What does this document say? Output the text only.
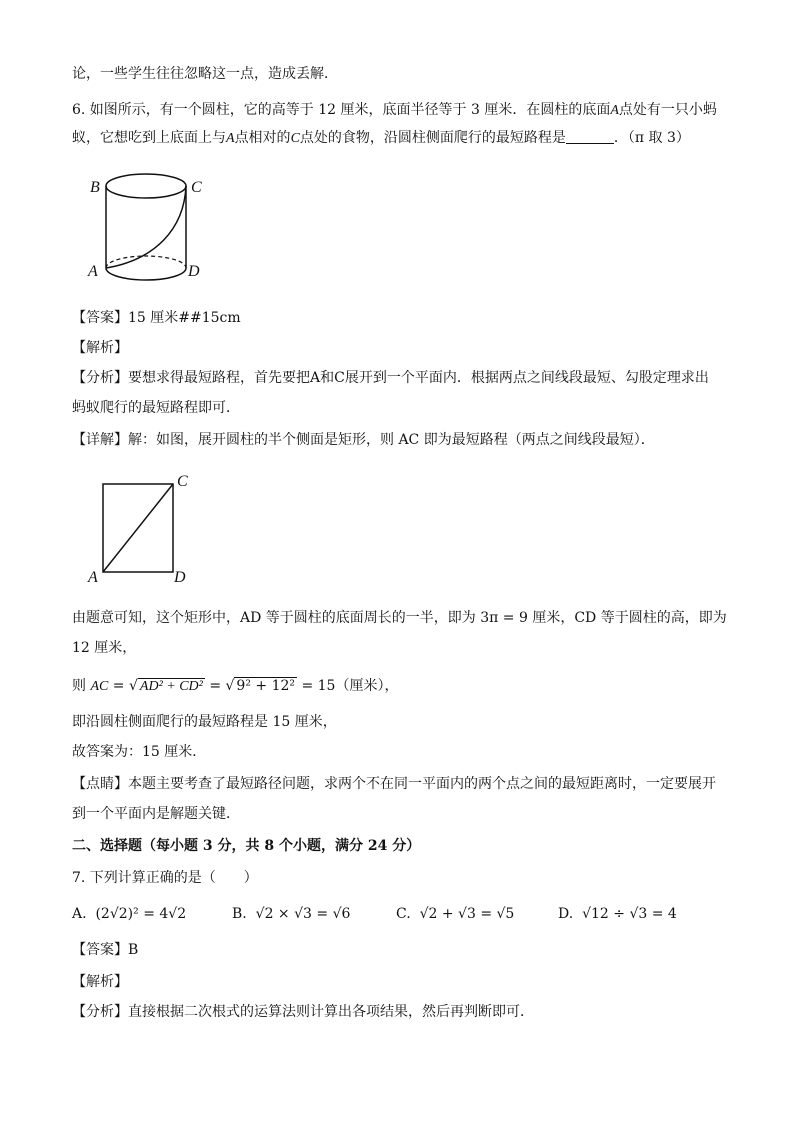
论，一些学生往往忽略这一点，造成丢解．
6. 如图所示，有一个圆柱，它的高等于 12 厘米，底面半径等于 3 厘米．在圆柱的底面A点处有一只小蚂
蚁，它想吃到上底面上与A点相对的C点处的食物，沿圆柱侧面爬行的最短路程是	．（π 取 3）
B	C
A	D
【答案】15 厘米##15cm
【解析】
【分析】要想求得最短路程，首先要把A和C展开到一个平面内．根据两点之间线段最短、勾股定理求出
蚂蚁爬行的最短路程即可．
【详解】解：如图，展开圆柱的半个侧面是矩形，则 AC 即为最短路程（两点之间线段最短）．
C
A	D
由题意可知，这个矩形中，AD 等于圆柱的底面周长的一半，即为 3π = 9 厘米，CD 等于圆柱的高，即为
12 厘米，
则 AC = √ AD² + CD² = √ 9² + 12² = 15（厘米），
即沿圆柱侧面爬行的最短路程是 15 厘米，
故答案为：15 厘米．
【点睛】本题主要考查了最短路径问题，求两个不在同一平面内的两个点之间的最短距离时，一定要展开
到一个平面内是解题关键．
二、选择题（每小题 3 分，共 8 个小题，满分 24 分）
7. 下列计算正确的是（　　）
A. (2√2)² = 4√2	B. √2 × √3 = √6	C. √2 + √3 = √5	D. √12 ÷ √3 = 4
【答案】B
【解析】
【分析】直接根据二次根式的运算法则计算出各项结果，然后再判断即可．
